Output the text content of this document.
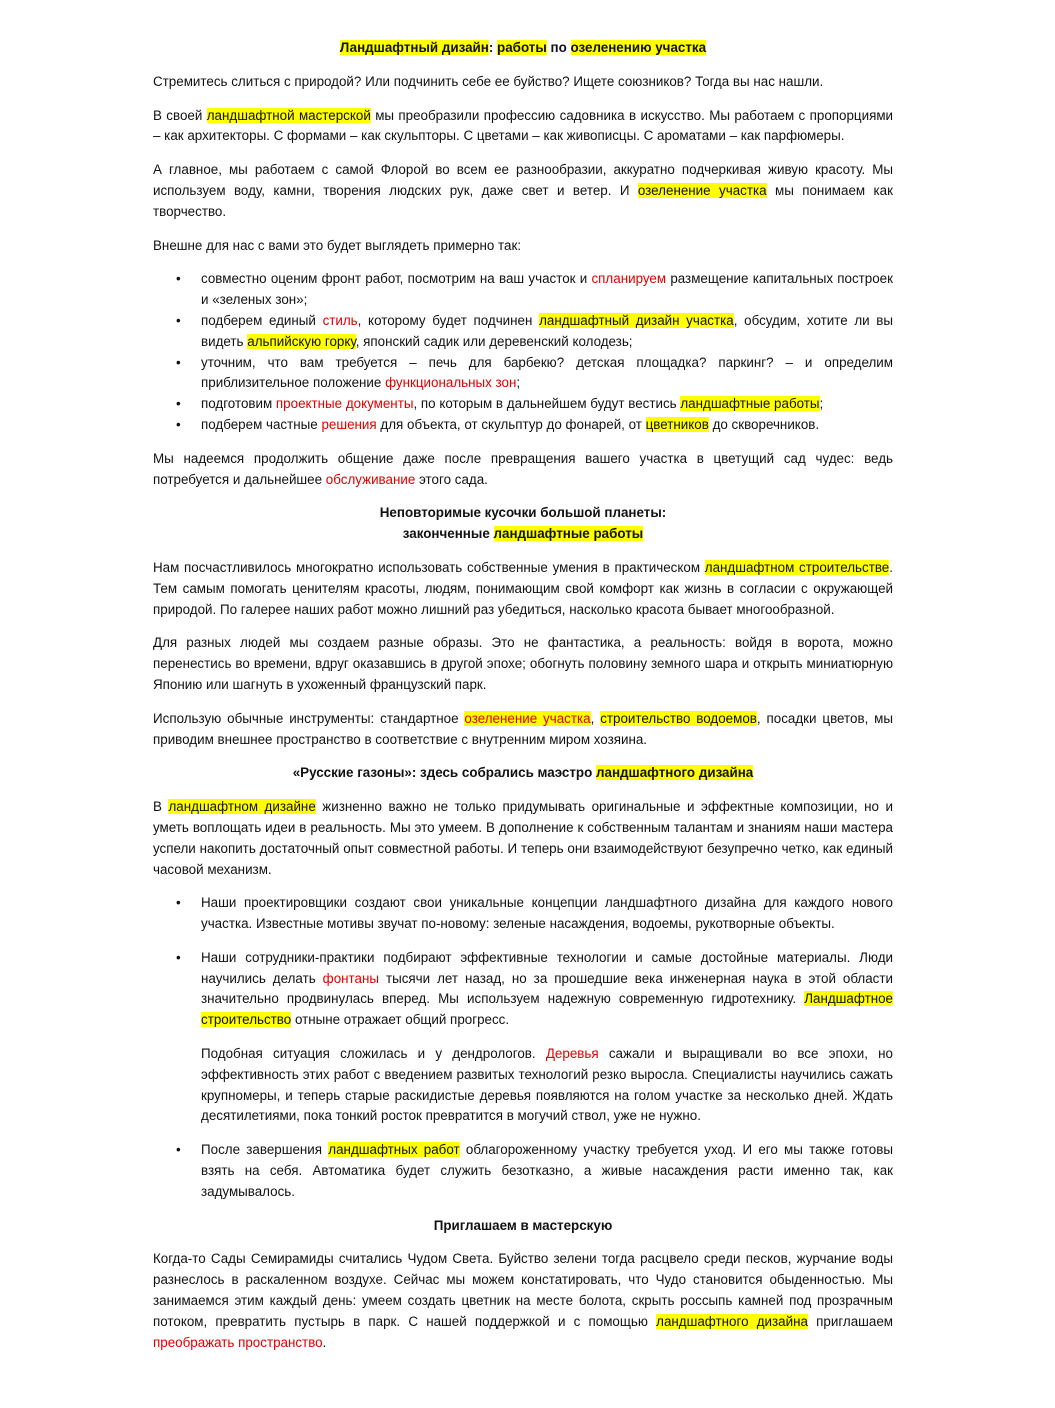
Ландшафтный дизайн: работы по озеленению участка
Стремитесь слиться с природой? Или подчинить себе ее буйство? Ищете союзников? Тогда вы нас нашли.
В своей ландшафтной мастерской мы преобразили профессию садовника в искусство. Мы работаем с пропорциями – как архитекторы. С формами – как скульпторы. С цветами – как живописцы. С ароматами – как парфюмеры.
А главное, мы работаем с самой Флорой во всем ее разнообразии, аккуратно подчеркивая живую красоту. Мы используем воду, камни, творения людских рук, даже свет и ветер. И озеленение участка мы понимаем как творчество.
Внешне для нас с вами это будет выглядеть примерно так:
• совместно оценим фронт работ, посмотрим на ваш участок и спланируем размещение капитальных построек и «зеленых зон»;
• подберем единый стиль, которому будет подчинен ландшафтный дизайн участка, обсудим, хотите ли вы видеть альпийскую горку, японский садик или деревенский колодезь;
• уточним, что вам требуется – печь для барбекю? детская площадка? паркинг? – и определим приблизительное положение функциональных зон;
• подготовим проектные документы, по которым в дальнейшем будут вестись ландшафтные работы;
• подберем частные решения для объекта, от скульптур до фонарей, от цветников до скворечников.
Мы надеемся продолжить общение даже после превращения вашего участка в цветущий сад чудес: ведь потребуется и дальнейшее обслуживание этого сада.
Неповторимые кусочки большой планеты:
законченные ландшафтные работы
Нам посчастливилось многократно использовать собственные умения в практическом ландшафтном строительстве. Тем самым помогать ценителям красоты, людям, понимающим свой комфорт как жизнь в согласии с окружающей природой. По галерее наших работ можно лишний раз убедиться, насколько красота бывает многообразной.
Для разных людей мы создаем разные образы. Это не фантастика, а реальность: войдя в ворота, можно перенестись во времени, вдруг оказавшись в другой эпохе; обогнуть половину земного шара и открыть миниатюрную Японию или шагнуть в ухоженный французский парк.
Использую обычные инструменты: стандартное озеленение участка, строительство водоемов, посадки цветов, мы приводим внешнее пространство в соответствие с внутренним миром хозяина.
«Русские газоны»: здесь собрались маэстро ландшафтного дизайна
В ландшафтном дизайне жизненно важно не только придумывать оригинальные и эффектные композиции, но и уметь воплощать идеи в реальность. Мы это умеем. В дополнение к собственным талантам и знаниям наши мастера успели накопить достаточный опыт совместной работы. И теперь они взаимодействуют безупречно четко, как единый часовой механизм.
• Наши проектировщики создают свои уникальные концепции ландшафтного дизайна для каждого нового участка. Известные мотивы звучат по-новому: зеленые насаждения, водоемы, рукотворные объекты.
• Наши сотрудники-практики подбирают эффективные технологии и самые достойные материалы. Люди научились делать фонтаны тысячи лет назад, но за прошедшие века инженерная наука в этой области значительно продвинулась вперед. Мы используем надежную современную гидротехнику. Ландшафтное строительство отныне отражает общий прогресс.
Подобная ситуация сложилась и у дендрологов. Деревья сажали и выращивали во все эпохи, но эффективность этих работ с введением развитых технологий резко выросла. Специалисты научились сажать крупномеры, и теперь старые раскидистые деревья появляются на голом участке за несколько дней. Ждать десятилетиями, пока тонкий росток превратится в могучий ствол, уже не нужно.
• После завершения ландшафтных работ облагороженному участку требуется уход. И его мы также готовы взять на себя. Автоматика будет служить безотказно, а живые насаждения расти именно так, как задумывалось.
Приглашаем в мастерскую
Когда-то Сады Семирамиды считались Чудом Света. Буйство зелени тогда расцвело среди песков, журчание воды разнеслось в раскаленном воздухе. Сейчас мы можем констатировать, что Чудо становится обыденностью. Мы занимаемся этим каждый день: умеем создать цветник на месте болота, скрыть россыпь камней под прозрачным потоком, превратить пустырь в парк. С нашей поддержкой и с помощью ландшафтного дизайна приглашаем преображать пространство.
